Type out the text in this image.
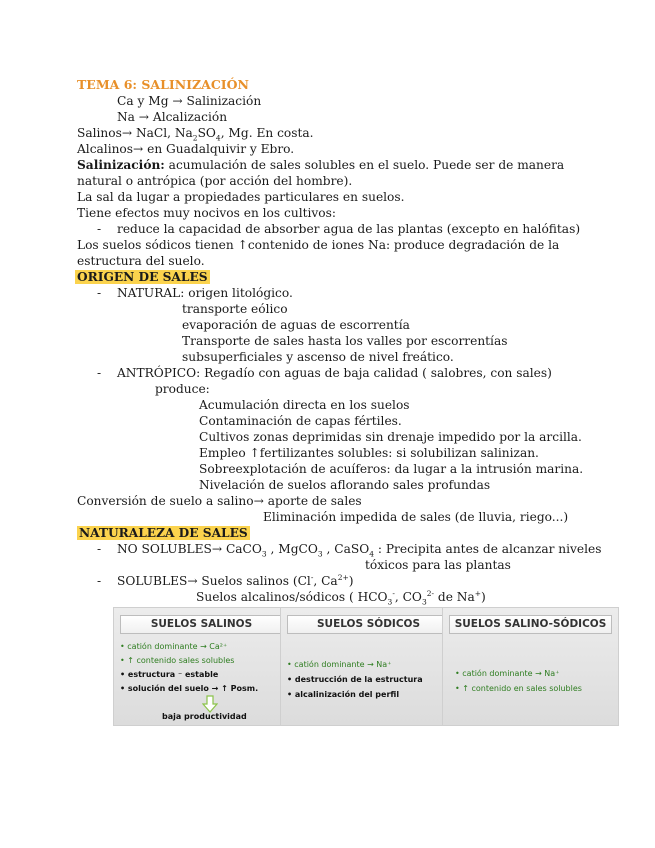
TEMA 6: SALINIZACIÓN
Ca y Mg → Salinización
Na → Alcalización
Salinos→ NaCl, $Na_2SO_4$, Mg. En costa.
Alcalinos→ en Guadalquivir y Ebro.
Salinización: acumulación de sales solubles en el suelo. Puede ser de manera
natural o antrópica (por acción del hombre).
La sal da lugar a propiedades particulares en suelos.
Tiene efectos muy nocivos en los cultivos:
- reduce la capacidad de absorber agua de las plantas (excepto en halófitas)
Los suelos sódicos tienen ↑contenido de iones Na: produce degradación de la
estructura del suelo.
ORIGEN DE SALES
- NATURAL: origen litológico.
transporte eólico
evaporación de aguas de escorrentía
Transporte de sales hasta los valles por escorrentías
subsuperficiales y ascenso de nivel freático.
- ANTRÓPICO: Regadío con aguas de baja calidad ( salobres, con sales)
produce:
Acumulación directa en los suelos
Contaminación de capas fértiles.
Cultivos zonas deprimidas sin drenaje impedido por la arcilla.
Empleo ↑fertilizantes solubles: si solubilizan salinizan.
Sobreexplotación de acuíferos: da lugar a la intrusión marina.
Nivelación de suelos aflorando sales profundas
Conversión de suelo a salino→ aporte de sales
Eliminación impedida de sales (de lluvia, riego...)
NATURALEZA DE SALES
- NO SOLUBLES→ CaCO$_3$ , MgCO$_3$ , CaSO$_4$ : Precipita antes de alcanzar niveles
tóxicos para las plantas
- SOLUBLES→ Suelos salinos (Cl-, $Ca^{2+}$)
Suelos alcalinos/sódicos ( $HCO_3^-$, $CO_3^{2-}$ de Na+)
SUELOS SALINOS
• catión dominante → Ca²⁺
• ↑ contenido sales solubles
• estructura ⁻ estable
• solución del suelo → ↑ Posm.
baja productividad
SUELOS SÓDICOS
• catión dominante → Na⁺
• destrucción de la estructura
• alcalinización del perfil
SUELOS SALINO-SÓDICOS
• catión dominante → Na⁺
• ↑ contenido en sales solubles
